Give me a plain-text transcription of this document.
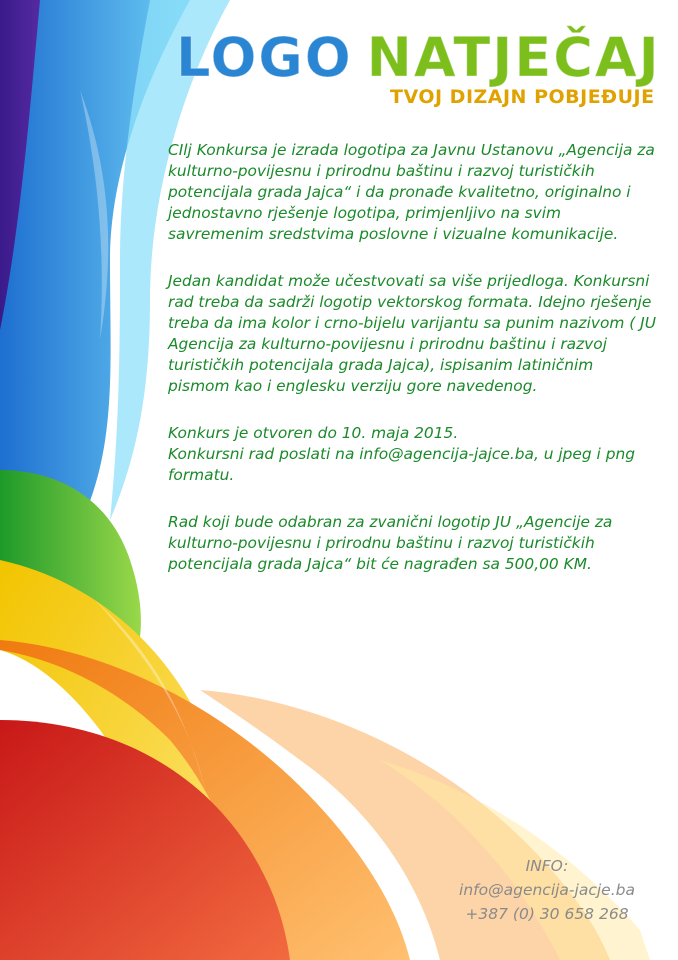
LOGO NATJEČAJ
TVOJ DIZAJN POBJEĐUJE

CIlj Konkursa je izrada logotipa za Javnu Ustanovu „Agencija za kulturno-povijesnu i prirodnu baštinu i razvoj turističkih potencijala grada Jajca“ i da pronađe kvalitetno, originalno i jednostavno rješenje logotipa, primjenljivo na svim savremenim sredstvima poslovne i vizualne komunikacije.

Jedan kandidat može učestvovati sa više prijedloga. Konkursni rad treba da sadrži logotip vektorskog formata. Idejno rješenje treba da ima kolor i crno-bijelu varijantu sa punim nazivom ( JU Agencija za kulturno-povijesnu i prirodnu baštinu i razvoj turističkih potencijala grada Jajca), ispisanim latiničnim pismom kao i englesku verziju gore navedenog.

Konkurs je otvoren do 10. maja 2015.
Konkursni rad poslati na info@agencija-jajce.ba, u jpeg i png formatu.

Rad koji bude odabran za zvanični logotip JU „Agencije za kulturno-povijesnu i prirodnu baštinu i razvoj turističkih potencijala grada Jajca“ bit će nagrađen sa 500,00 KM.

INFO:
info@agencija-jacje.ba
+387 (0) 30 658 268
